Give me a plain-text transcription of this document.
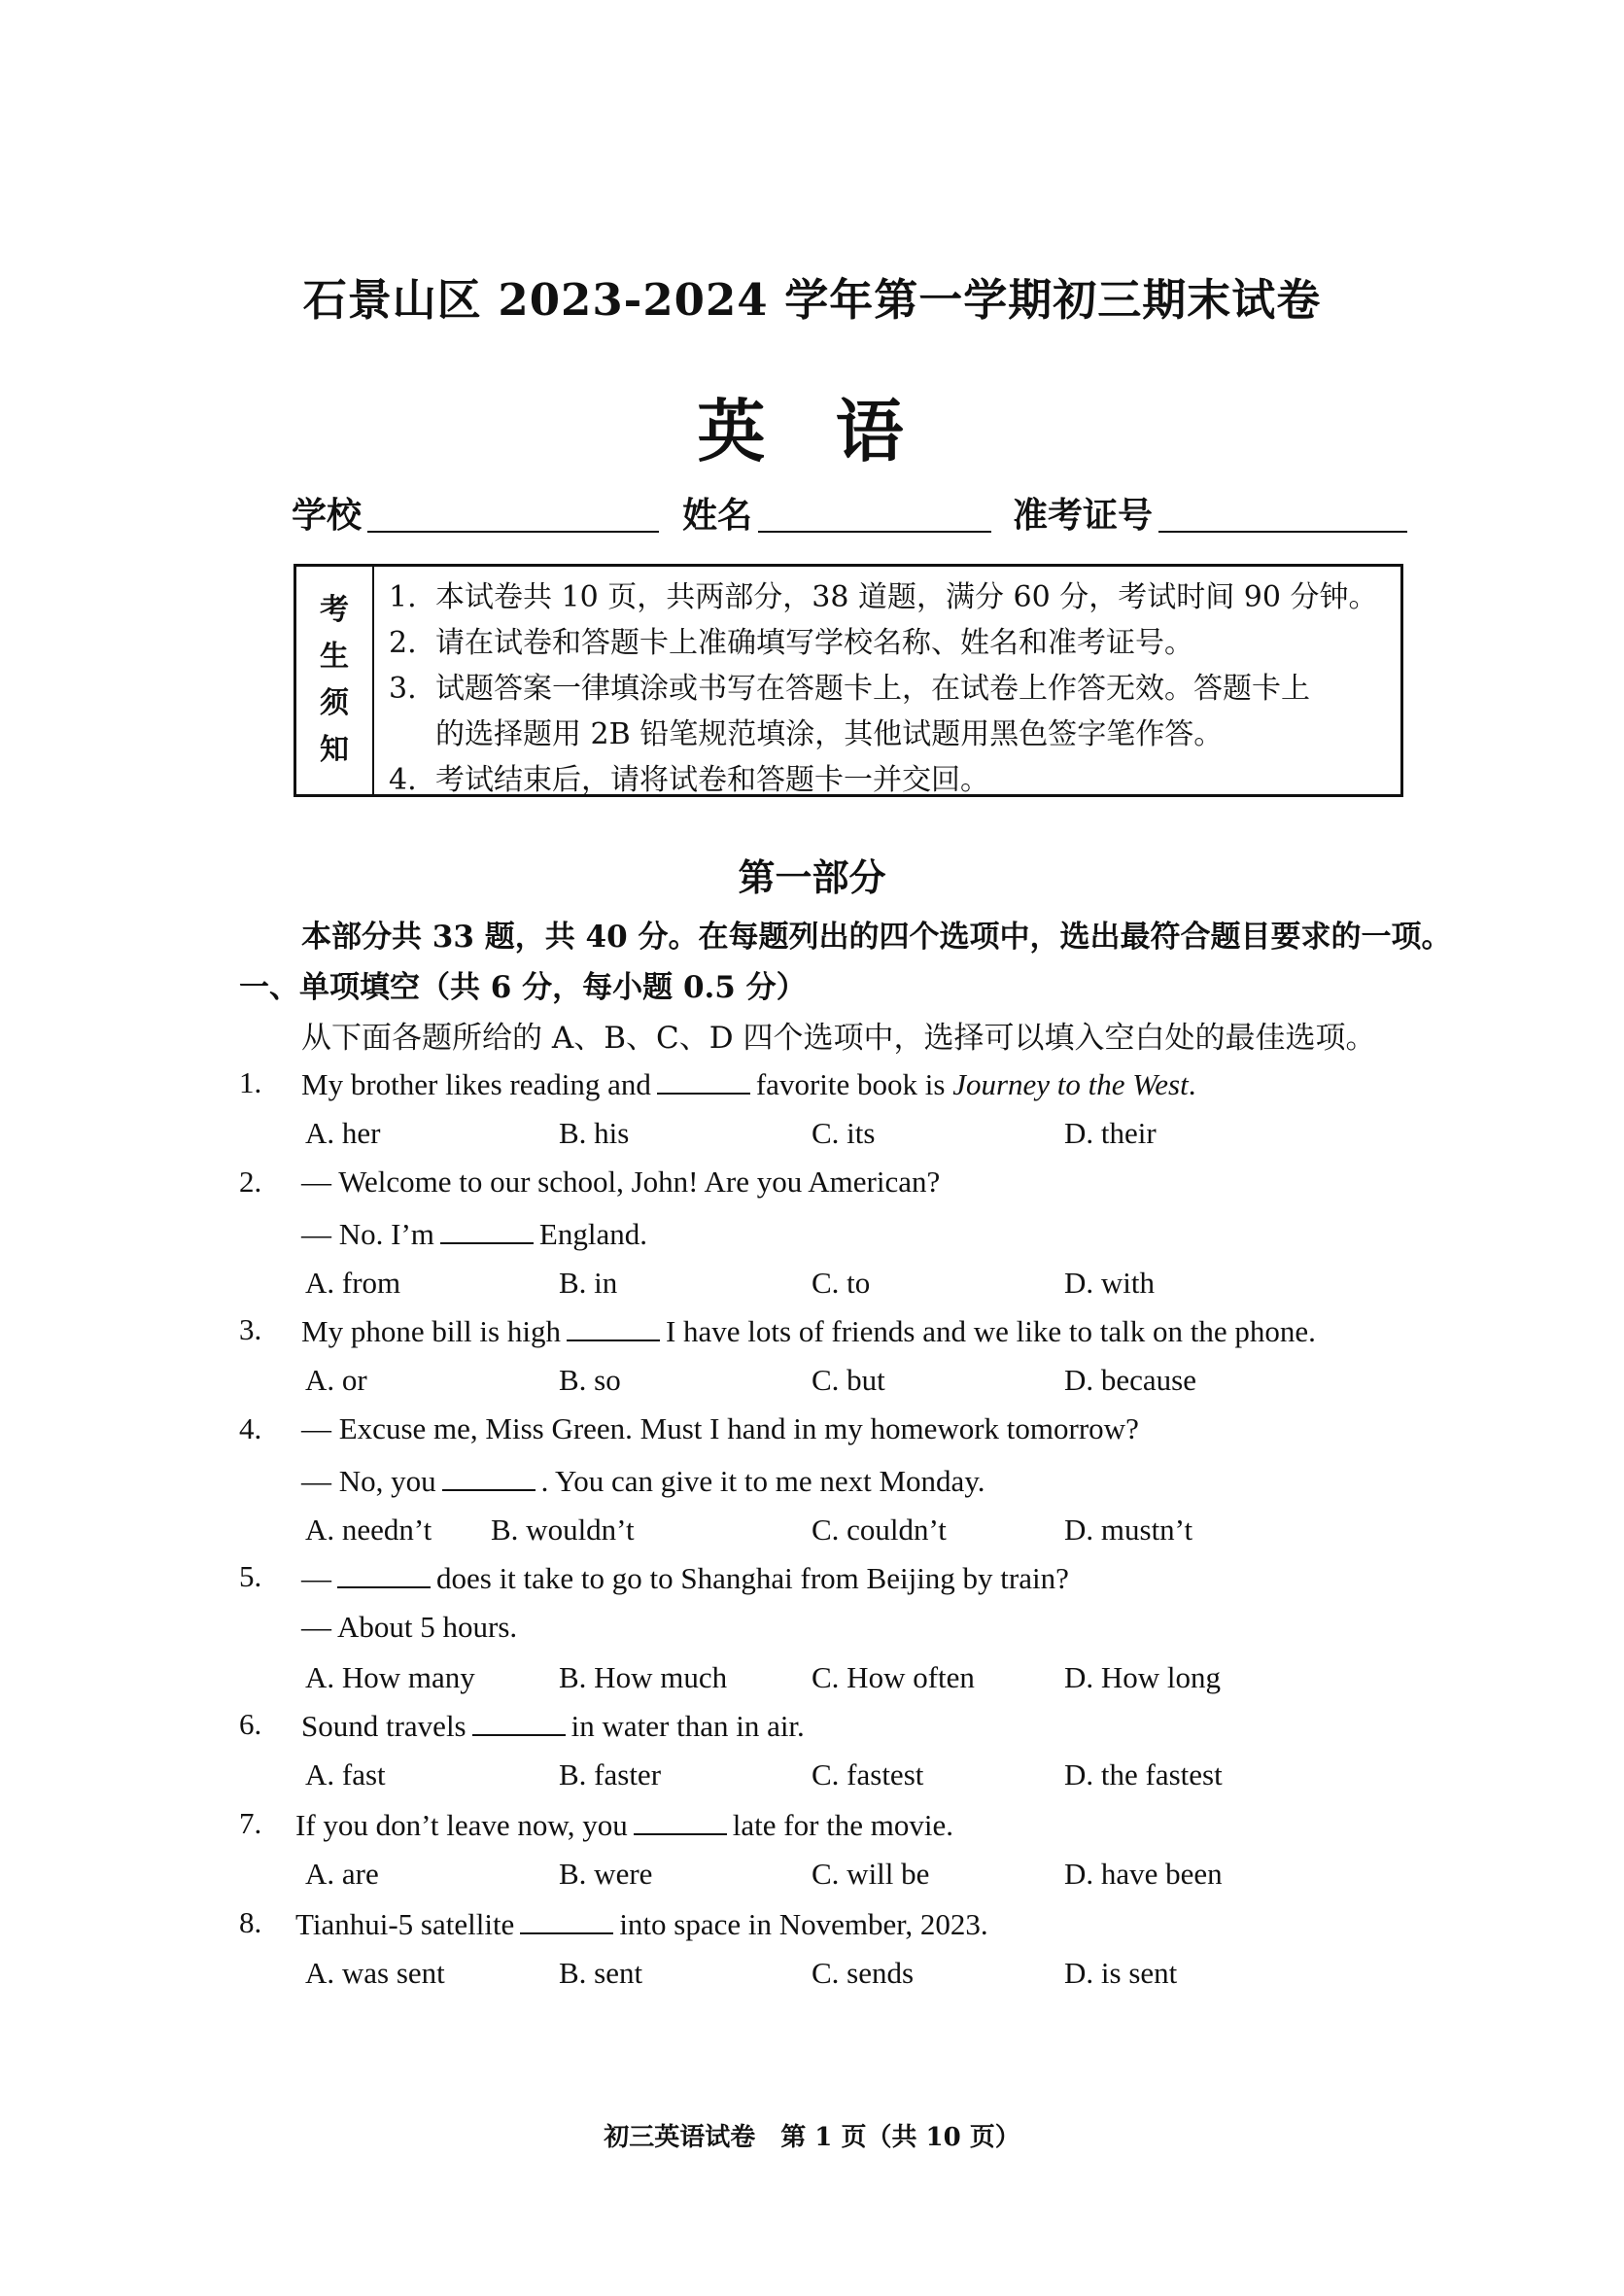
石景山区 2023-2024 学年第一学期初三期末试卷
英 语
学校	姓名	准考证号
考
生
须
知
1. 本试卷共 10 页，共两部分，38 道题，满分 60 分，考试时间 90 分钟。
2. 请在试卷和答题卡上准确填写学校名称、姓名和准考证号。
3. 试题答案一律填涂或书写在答题卡上，在试卷上作答无效。答题卡上
的选择题用 2B 铅笔规范填涂，其他试题用黑色签字笔作答。
4. 考试结束后，请将试卷和答题卡一并交回。
第一部分
本部分共 33 题，共 40 分。在每题列出的四个选项中，选出最符合题目要求的一项。
一、单项填空（共 6 分，每小题 0.5 分）
从下面各题所给的 A、B、C、D 四个选项中，选择可以填入空白处的最佳选项。
1. My brother likes reading and	favorite book is Journey to the West.
A. her	B. his	C. its	D. their
2. — Welcome to our school, John! Are you American?
— No. I’m	England.
A. from	B. in	C. to	D. with
3. My phone bill is high	I have lots of friends and we like to talk on the phone.
A. or	B. so	C. but	D. because
4. — Excuse me, Miss Green. Must I hand in my homework tomorrow?
— No, you	. You can give it to me next Monday.
A. needn’t B. wouldn’t	C. couldn’t	D. mustn’t
5. —	does it take to go to Shanghai from Beijing by train?
— About 5 hours.
A. How many	B. How much	C. How often	D. How long
6. Sound travels	in water than in air.
A. fast	B. faster	C. fastest	D. the fastest
7. If you don’t leave now, you	late for the movie.
A. are	B. were	C. will be	D. have been
8. Tianhui-5 satellite	into space in November, 2023.
A. was sent	B. sent	C. sends	D. is sent
初三英语试卷　第 1 页（共 10 页）
